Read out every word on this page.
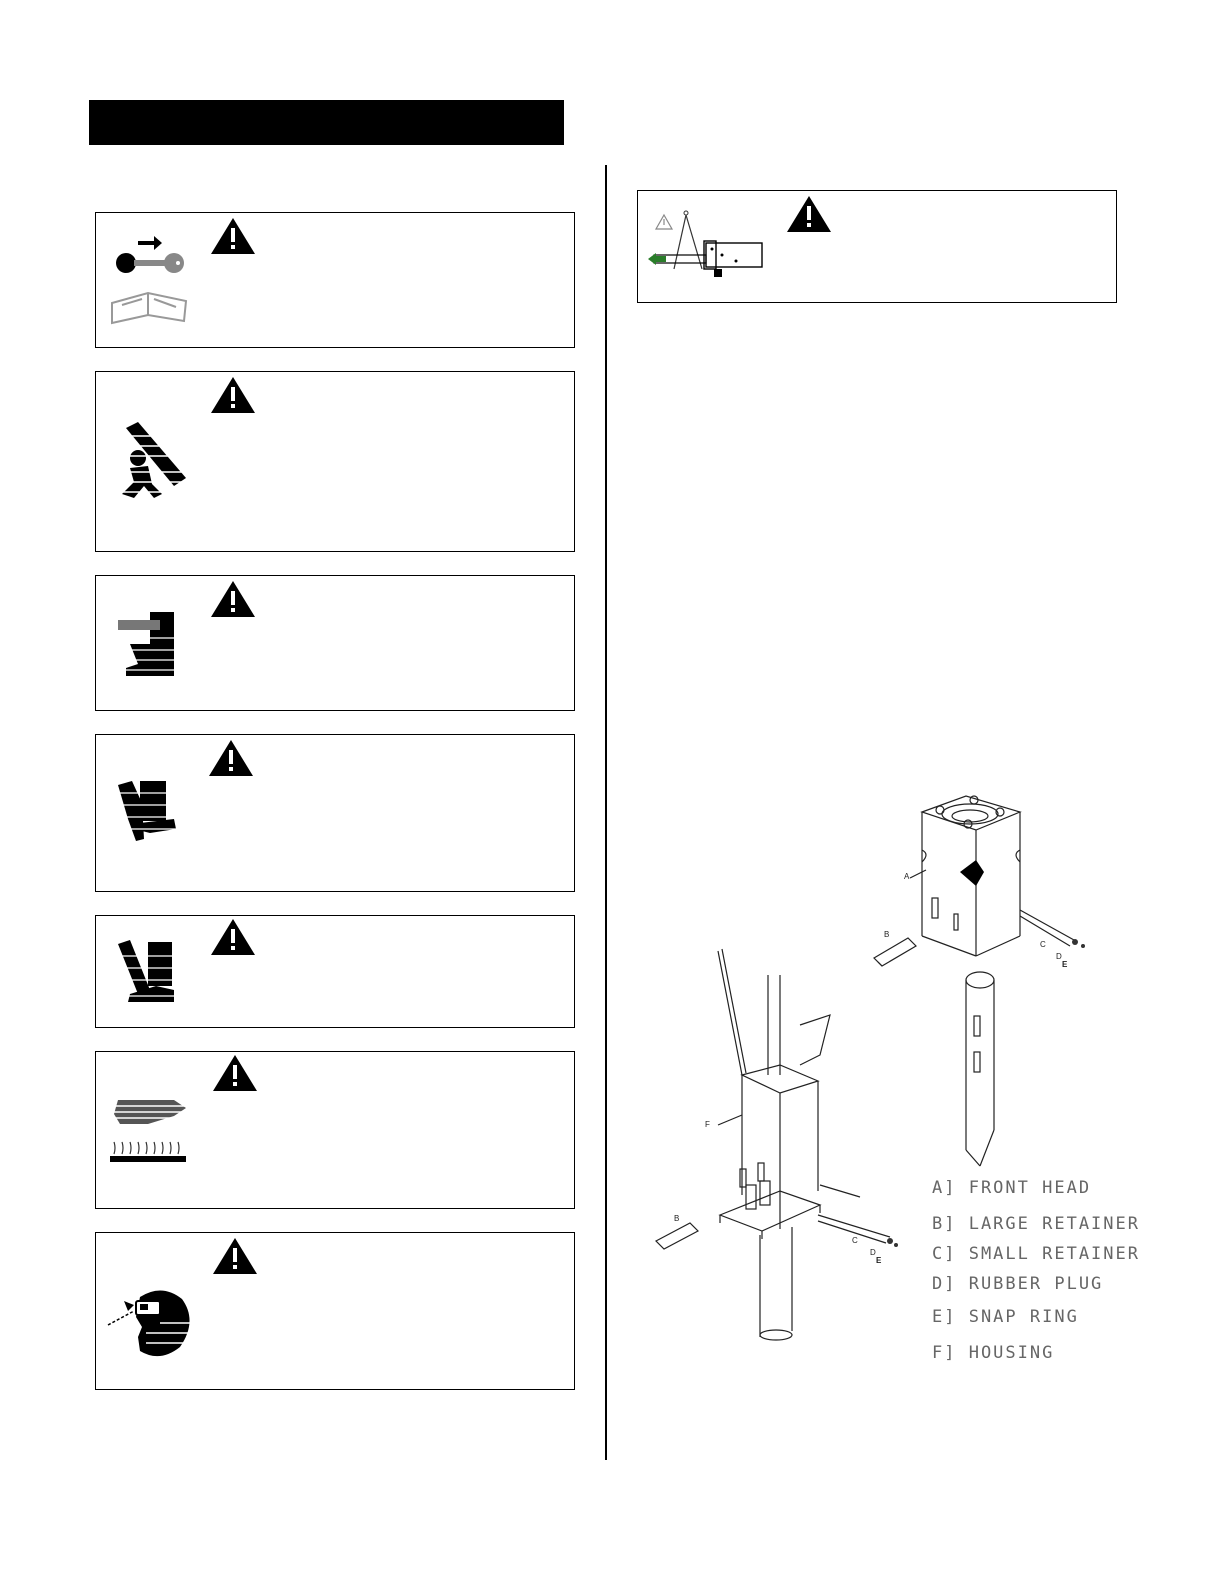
A
B
C
D
E
F
B
C
D
E
A] FRONT HEAD
B] LARGE RETAINER
C] SMALL RETAINER
D] RUBBER PLUG
E] SNAP RING
F] HOUSING
